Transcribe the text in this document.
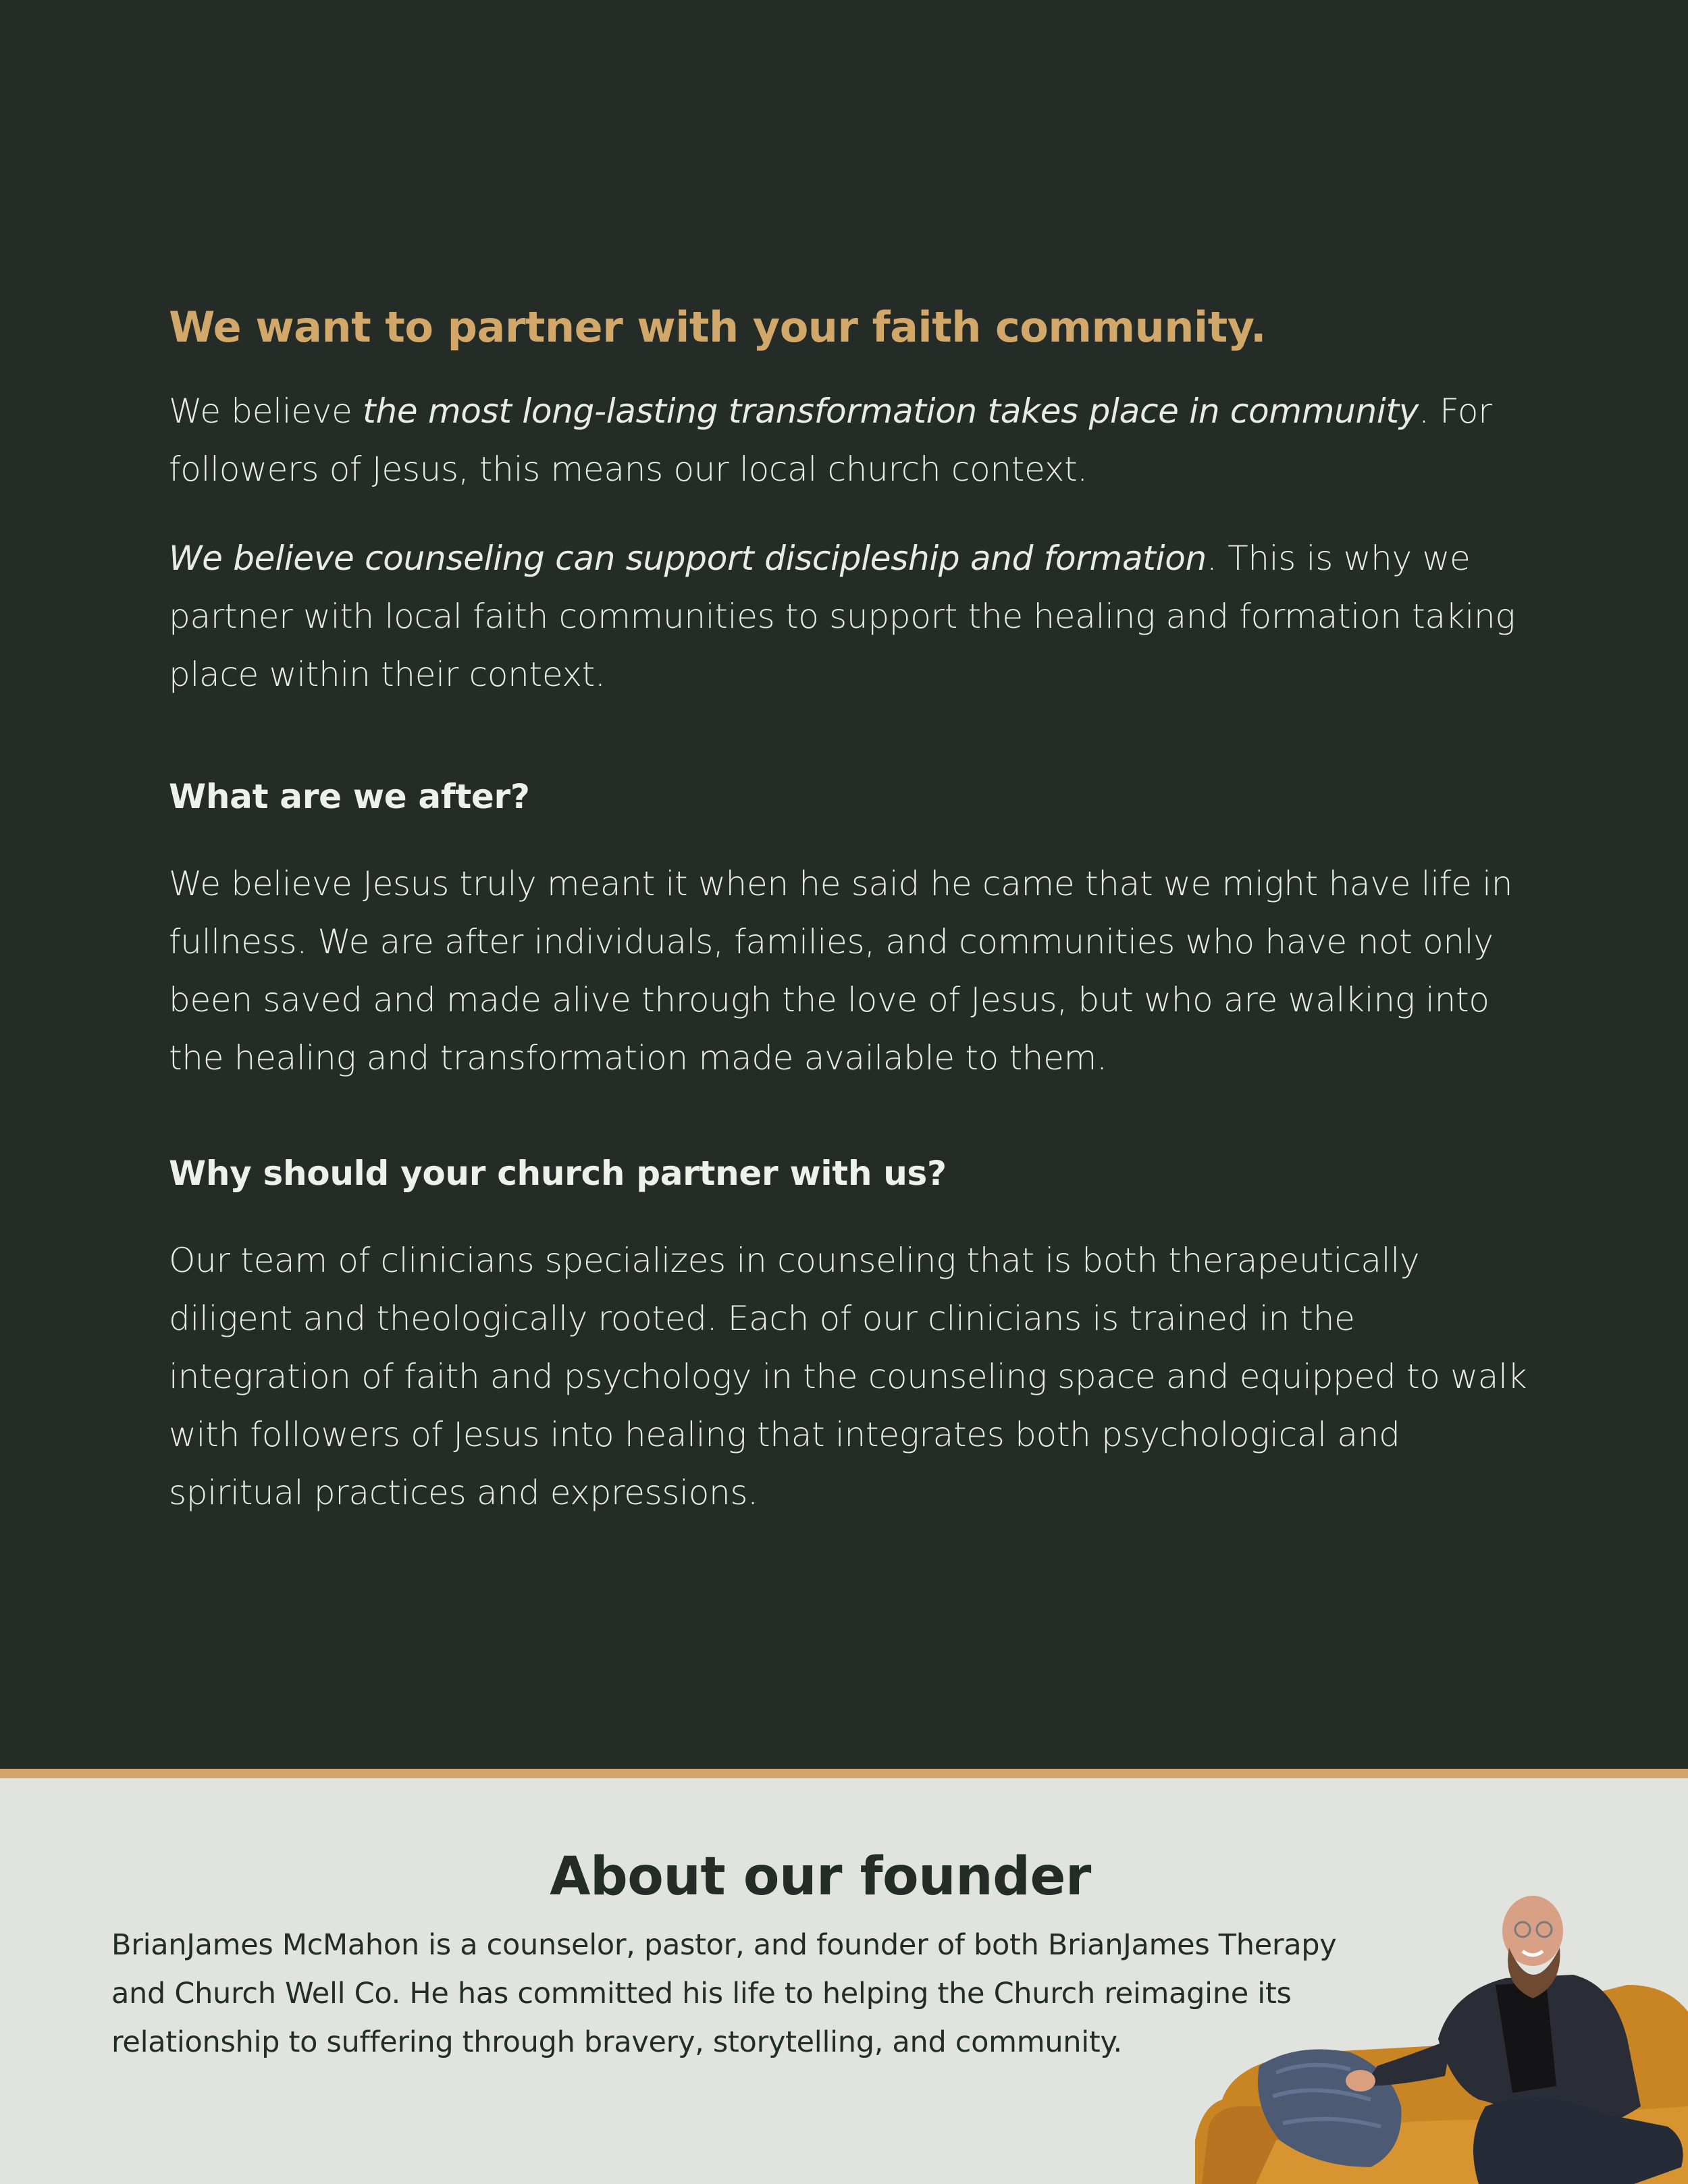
We want to partner with your faith community.

We believe the most long-lasting transformation takes place in community. For followers of Jesus, this means our local church context.

We believe counseling can support discipleship and formation. This is why we partner with local faith communities to support the healing and formation taking place within their context.

What are we after?

We believe Jesus truly meant it when he said he came that we might have life in fullness. We are after individuals, families, and communities who have not only been saved and made alive through the love of Jesus, but who are walking into the healing and transformation made available to them.

Why should your church partner with us?

Our team of clinicians specializes in counseling that is both therapeutically diligent and theologically rooted. Each of our clinicians is trained in the integration of faith and psychology in the counseling space and equipped to walk with followers of Jesus into healing that integrates both psychological and spiritual practices and expressions.

About our founder

BrianJames McMahon is a counselor, pastor, and founder of both BrianJames Therapy and Church Well Co. He has committed his life to helping the Church reimagine its relationship to suffering through bravery, storytelling, and community.
